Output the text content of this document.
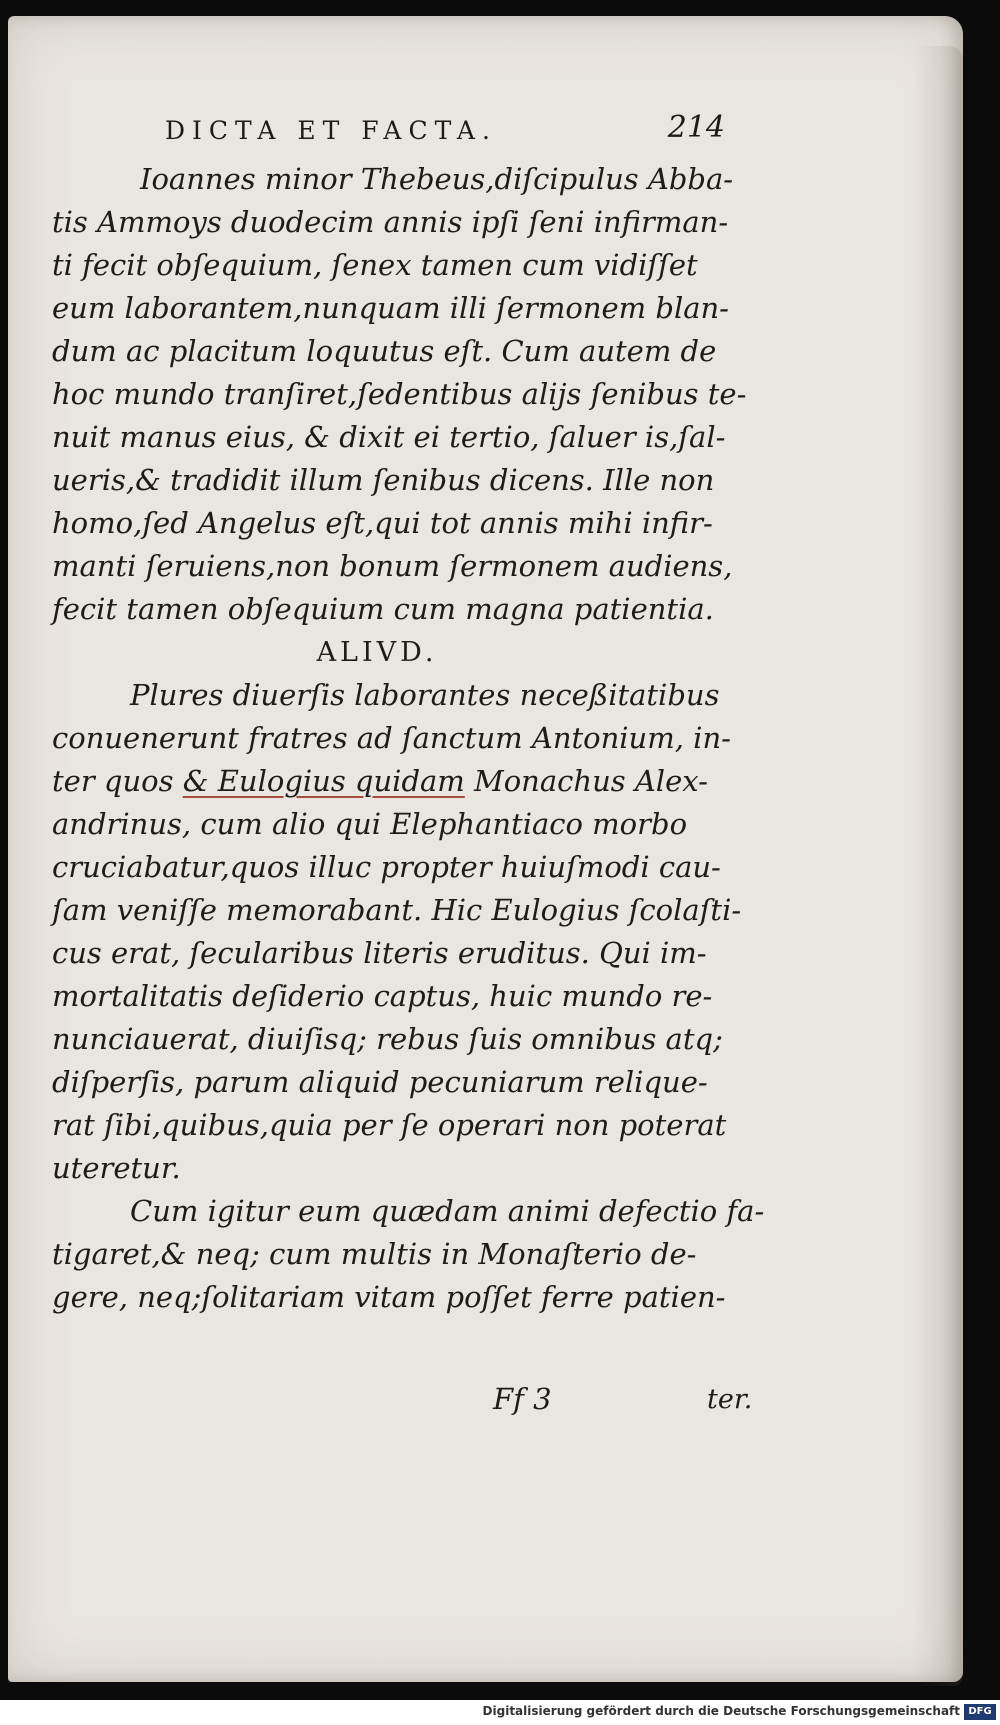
DICTA ET FACTA.	214
Ioannes minor Thebeus,diſcipulus Abba-
tis Ammoys duodecim annis ipſi ſeni infirman-
ti fecit obſequium, ſenex tamen cum vidiſſet
eum laborantem,nunquam illi ſermonem blan-
dum ac placitum loquutus eſt. Cum autem de
hoc mundo tranſiret,ſedentibus alijs ſenibus te-
nuit manus eius, & dixit ei tertio, ſaluer is,ſal-
ueris,& tradidit illum ſenibus dicens. Ille non
homo,ſed Angelus eſt,qui tot annis mihi infir-
manti ſeruiens,non bonum ſermonem audiens,
fecit tamen obſequium cum magna patientia.
ALIVD.
Plures diuerſis laborantes neceßitatibus
conuenerunt fratres ad ſanctum Antonium, in-
ter quos & Eulogius quidam Monachus Alex-
andrinus, cum alio qui Elephantiaco morbo
cruciabatur,quos illuc propter huiuſmodi cau-
ſam veniſſe memorabant. Hic Eulogius ſcolaſti-
cus erat, ſecularibus literis eruditus. Qui im-
mortalitatis deſiderio captus, huic mundo re-
nunciauerat, diuiſisq; rebus ſuis omnibus atq;
diſperſis, parum aliquid pecuniarum relique-
rat ſibi,quibus,quia per ſe operari non poterat
uteretur.
Cum igitur eum quædam animi defectio fa-
tigaret,& neq; cum multis in Monaſterio de-
gere, neq;ſolitariam vitam poſſet ferre patien-
Ff 3	ter.
Digitalisierung gefördert durch die Deutsche Forschungsgemeinschaft DFG
